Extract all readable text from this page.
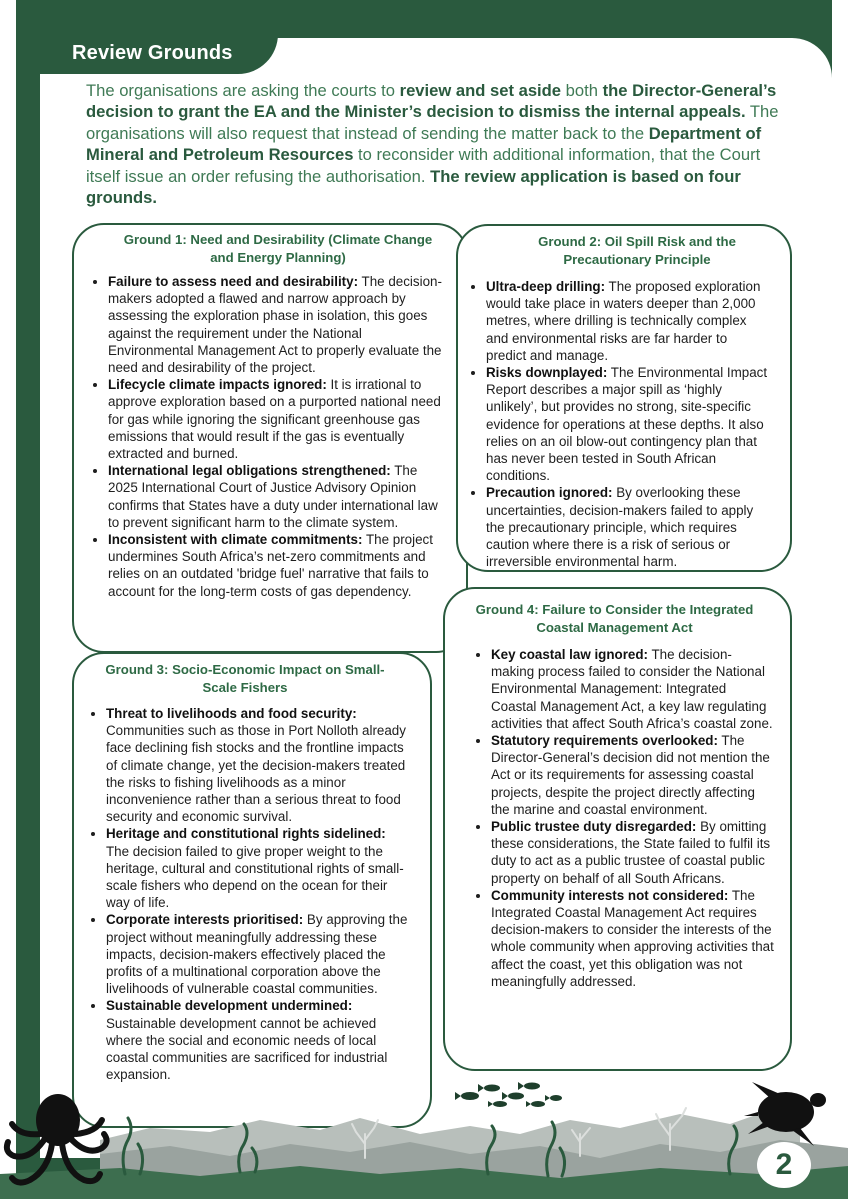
Review Grounds

The organisations are asking the courts to review and set aside both the Director-General’s decision to grant the EA and the Minister’s decision to dismiss the internal appeals. The organisations will also request that instead of sending the matter back to the Department of Mineral and Petroleum Resources to reconsider with additional information, that the Court itself issue an order refusing the authorisation. The review application is based on four grounds.

Ground 1: Need and Desirability (Climate Change and Energy Planning)
• Failure to assess need and desirability: The decision-makers adopted a flawed and narrow approach by assessing the exploration phase in isolation, this goes against the requirement under the National Environmental Management Act to properly evaluate the need and desirability of the project.
• Lifecycle climate impacts ignored: It is irrational to approve exploration based on a purported national need for gas while ignoring the significant greenhouse gas emissions that would result if the gas is eventually extracted and burned.
• International legal obligations strengthened: The 2025 International Court of Justice Advisory Opinion confirms that States have a duty under international law to prevent significant harm to the climate system.
• Inconsistent with climate commitments: The project undermines South Africa’s net-zero commitments and relies on an outdated 'bridge fuel' narrative that fails to account for the long-term costs of gas dependency.
Ground 2: Oil Spill Risk and the Precautionary Principle
• Ultra-deep drilling: The proposed exploration would take place in waters deeper than 2,000 metres, where drilling is technically complex and environmental risks are far harder to predict and manage.
• Risks downplayed: The Environmental Impact Report describes a major spill as ‘highly unlikely’, but provides no strong, site-specific evidence for operations at these depths. It also relies on an oil blow-out contingency plan that has never been tested in South African conditions.
• Precaution ignored: By overlooking these uncertainties, decision-makers failed to apply the precautionary principle, which requires caution where there is a risk of serious or irreversible environmental harm.
Ground 3: Socio-Economic Impact on Small-Scale Fishers
• Threat to livelihoods and food security: Communities such as those in Port Nolloth already face declining fish stocks and the frontline impacts of climate change, yet the decision-makers treated the risks to fishing livelihoods as a minor inconvenience rather than a serious threat to food security and economic survival.
• Heritage and constitutional rights sidelined: The decision failed to give proper weight to the heritage, cultural and constitutional rights of small-scale fishers who depend on the ocean for their way of life.
• Corporate interests prioritised: By approving the project without meaningfully addressing these impacts, decision-makers effectively placed the profits of a multinational corporation above the livelihoods of vulnerable coastal communities.
• Sustainable development undermined: Sustainable development cannot be achieved where the social and economic needs of local coastal communities are sacrificed for industrial expansion.
Ground 4: Failure to Consider the Integrated Coastal Management Act
• Key coastal law ignored: The decision-making process failed to consider the National Environmental Management: Integrated Coastal Management Act, a key law regulating activities that affect South Africa’s coastal zone.
• Statutory requirements overlooked: The Director-General’s decision did not mention the Act or its requirements for assessing coastal projects, despite the project directly affecting the marine and coastal environment.
• Public trustee duty disregarded: By omitting these considerations, the State failed to fulfil its duty to act as a public trustee of coastal public property on behalf of all South Africans.
• Community interests not considered: The Integrated Coastal Management Act requires decision-makers to consider the interests of the whole community when approving activities that affect the coast, yet this obligation was not meaningfully addressed.
2
